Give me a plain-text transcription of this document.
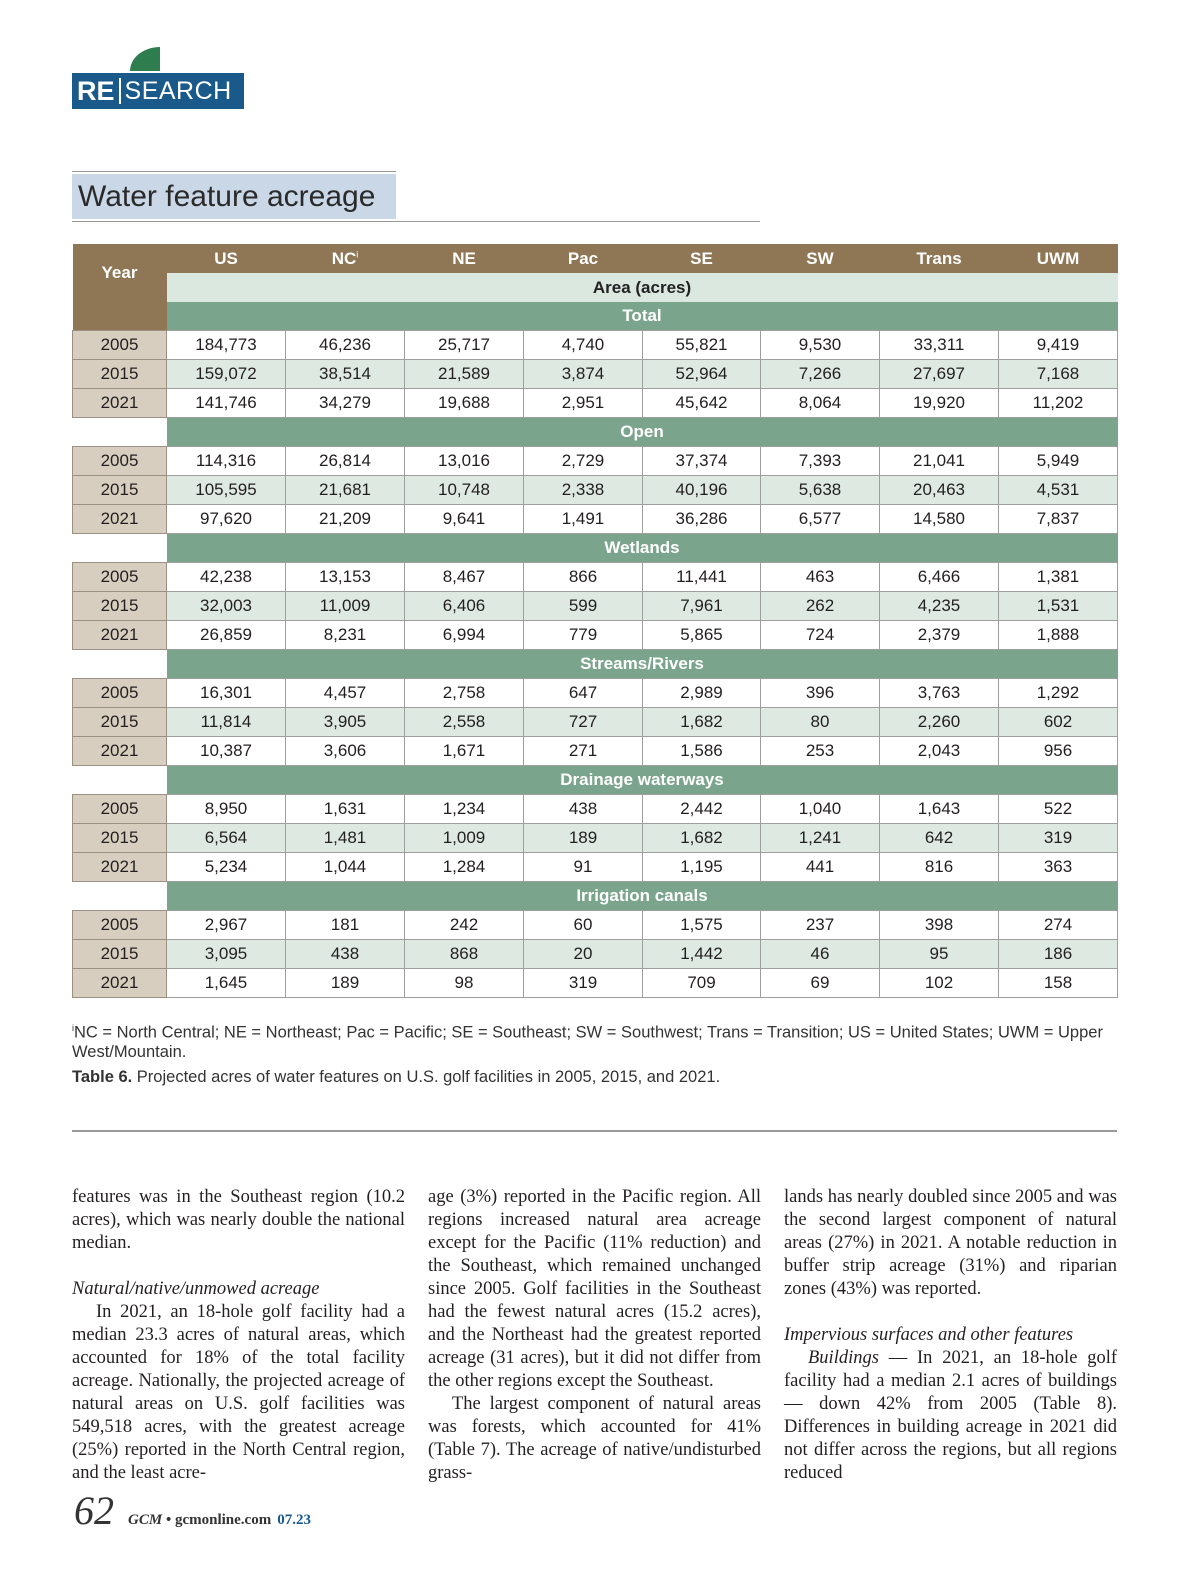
RE SEARCH
Water feature acreage
Year	US	$NC^i$	NE	Pac	SE	SW	Trans	UWM
	Area (acres)							
	Total							
2005	184,773	46,236	25,717	4,740	55,821	9,530	33,311	9,419
2015	159,072	38,514	21,589	3,874	52,964	7,266	27,697	7,168
2021	141,746	34,279	19,688	2,951	45,642	8,064	19,920	11,202
	Open							
2005	114,316	26,814	13,016	2,729	37,374	7,393	21,041	5,949
2015	105,595	21,681	10,748	2,338	40,196	5,638	20,463	4,531
2021	97,620	21,209	9,641	1,491	36,286	6,577	14,580	7,837
	Wetlands							
2005	42,238	13,153	8,467	866	11,441	463	6,466	1,381
2015	32,003	11,009	6,406	599	7,961	262	4,235	1,531
2021	26,859	8,231	6,994	779	5,865	724	2,379	1,888
	Streams/Rivers							
2005	16,301	4,457	2,758	647	2,989	396	3,763	1,292
2015	11,814	3,905	2,558	727	1,682	80	2,260	602
2021	10,387	3,606	1,671	271	1,586	253	2,043	956
	Drainage waterways							
2005	8,950	1,631	1,234	438	2,442	1,040	1,643	522
2015	6,564	1,481	1,009	189	1,682	1,241	642	319
2021	5,234	1,044	1,284	91	1,195	441	816	363
	Irrigation canals							
2005	2,967	181	242	60	1,575	237	398	274
2015	3,095	438	868	20	1,442	46	95	186
2021	1,645	189	98	319	709	69	102	158
$^i$NC = North Central; NE = Northeast; Pac = Pacific; SE = Southeast; SW = Southwest; Trans = Transition; US = United States; UWM = Upper West/Mountain.
Table 6. Projected acres of water features on U.S. golf facilities in 2005, 2015, and 2021.

features was in the Southeast region (10.2 acres), which was nearly double the national median.

Natural/native/unmowed acreage

In 2021, an 18-hole golf facility had a median 23.3 acres of natural areas, which accounted for 18% of the total facility acreage. Nationally, the projected acreage of natural areas on U.S. golf facilities was 549,518 acres, with the greatest acreage (25%) reported in the North Central region, and the least acre-

age (3%) reported in the Pacific region. All regions increased natural area acreage except for the Pacific (11% reduction) and the Southeast, which remained unchanged since 2005. Golf facilities in the Southeast had the fewest natural acres (15.2 acres), and the Northeast had the greatest reported acreage (31 acres), but it did not differ from the other regions except the Southeast.

The largest component of natural areas was forests, which accounted for 41% (Table 7). The acreage of native/undisturbed grass-

lands has nearly doubled since 2005 and was the second largest component of natural areas (27%) in 2021. A notable reduction in buffer strip acreage (31%) and riparian zones (43%) was reported.

Impervious surfaces and other features

Buildings — In 2021, an 18-hole golf facility had a median 2.1 acres of buildings — down 42% from 2005 (Table 8). Differences in building acreage in 2021 did not differ across the regions, but all regions reduced

62 GCM • gcmonline.com 07.23
